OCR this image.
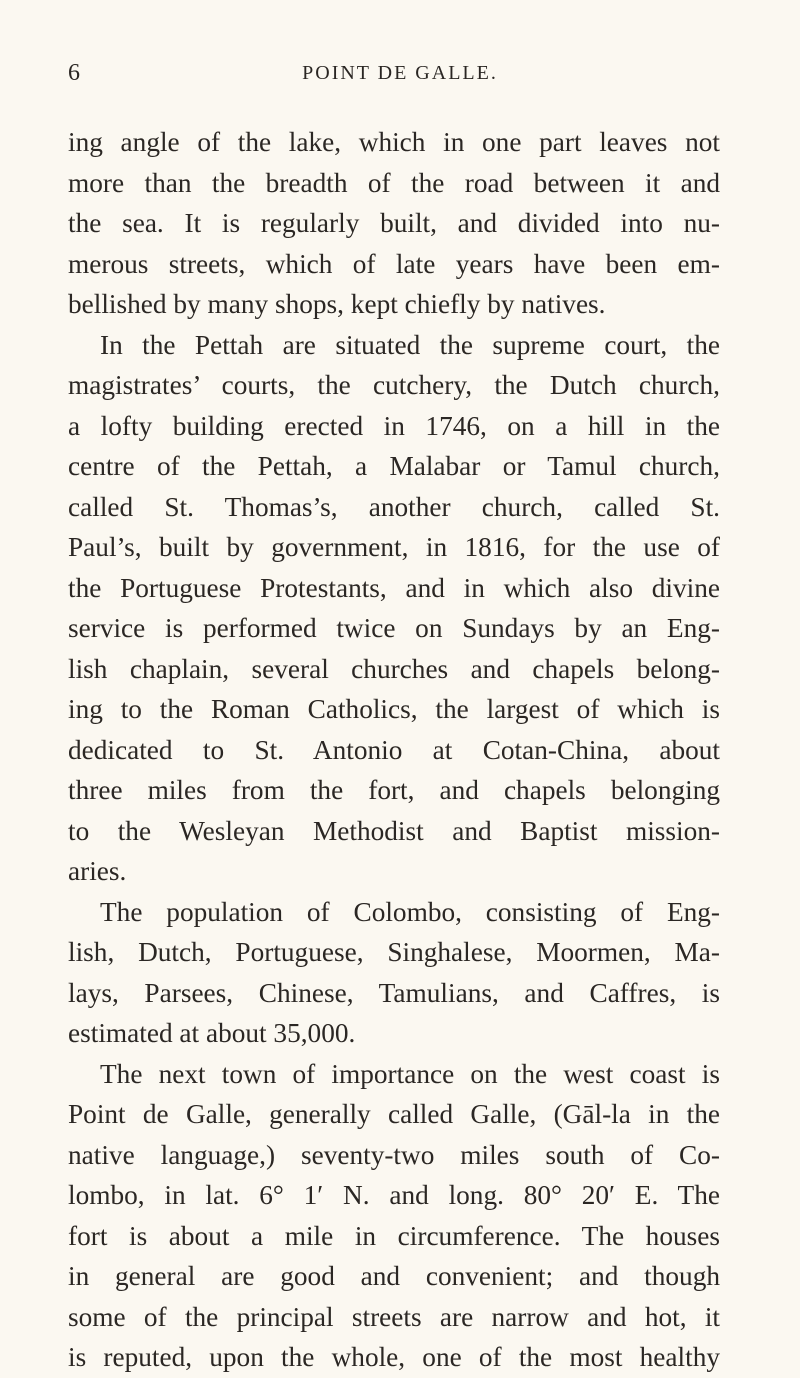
6	POINT DE GALLE.
ing angle of the lake, which in one part leaves not
more than the breadth of the road between it and
the sea. It is regularly built, and divided into nu-
merous streets, which of late years have been em-
bellished by many shops, kept chiefly by natives.
In the Pettah are situated the supreme court, the
magistrates’ courts, the cutchery, the Dutch church,
a lofty building erected in 1746, on a hill in the
centre of the Pettah, a Malabar or Tamul church,
called St. Thomas’s, another church, called St.
Paul’s, built by government, in 1816, for the use of
the Portuguese Protestants, and in which also divine
service is performed twice on Sundays by an Eng-
lish chaplain, several churches and chapels belong-
ing to the Roman Catholics, the largest of which is
dedicated to St. Antonio at Cotan-China, about
three miles from the fort, and chapels belonging
to the Wesleyan Methodist and Baptist mission-
aries.
The population of Colombo, consisting of Eng-
lish, Dutch, Portuguese, Singhalese, Moormen, Ma-
lays, Parsees, Chinese, Tamulians, and Caffres, is
estimated at about 35,000.
The next town of importance on the west coast is
Point de Galle, generally called Galle, (Gāl-la in the
native language,) seventy-two miles south of Co-
lombo, in lat. 6° 1′ N. and long. 80° 20′ E. The
fort is about a mile in circumference. The houses
in general are good and convenient; and though
some of the principal streets are narrow and hot, it
is reputed, upon the whole, one of the most healthy
